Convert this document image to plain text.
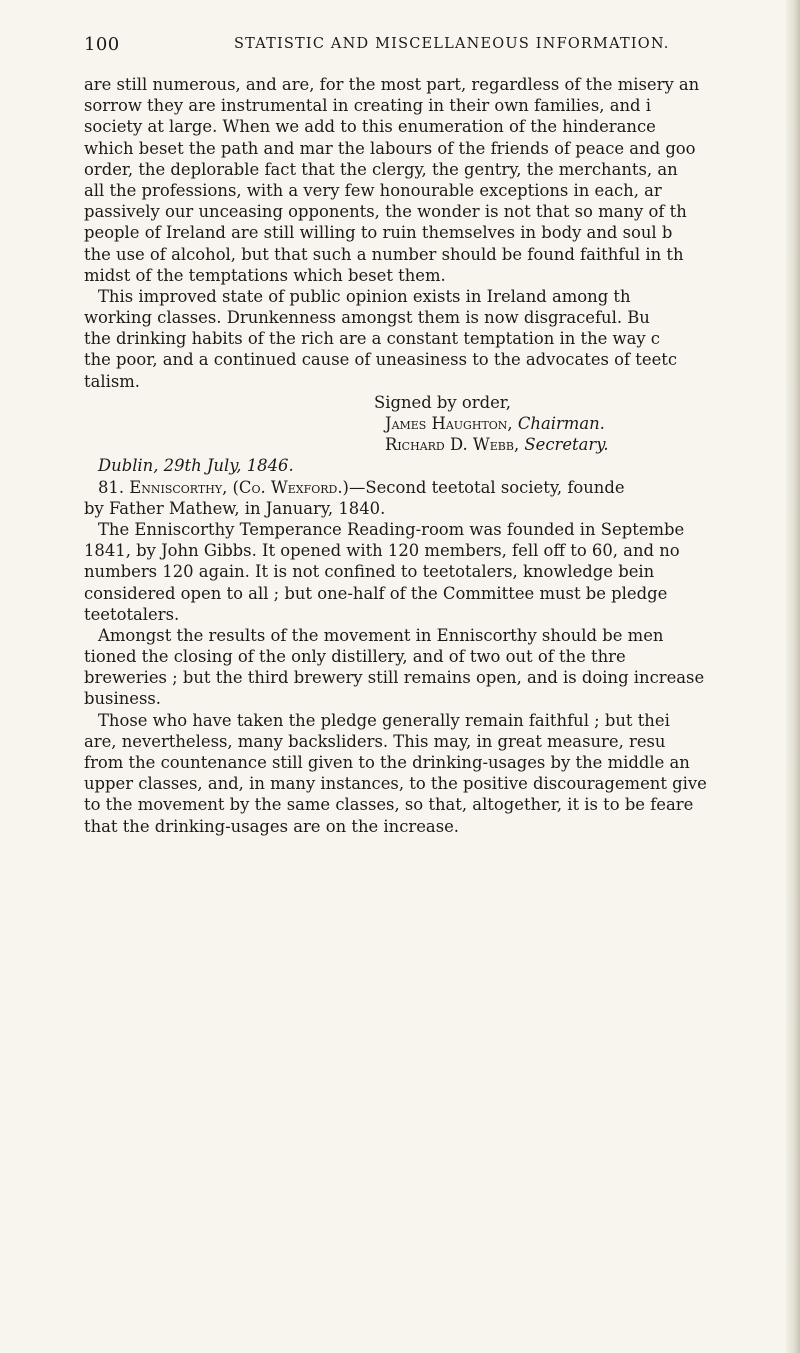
100	STATISTIC AND MISCELLANEOUS INFORMATION.
are still numerous, and are, for the most part, regardless of the misery an
sorrow they are instrumental in creating in their own families, and i
society at large. When we add to this enumeration of the hinderance
which beset the path and mar the labours of the friends of peace and goo
order, the deplorable fact that the clergy, the gentry, the merchants, an
all the professions, with a very few honourable exceptions in each, ar
passively our unceasing opponents, the wonder is not that so many of th
people of Ireland are still willing to ruin themselves in body and soul b
the use of alcohol, but that such a number should be found faithful in th
midst of the temptations which beset them.
This improved state of public opinion exists in Ireland among th
working classes. Drunkenness amongst them is now disgraceful. Bu
the drinking habits of the rich are a constant temptation in the way c
the poor, and a continued cause of uneasiness to the advocates of teetc
talism.
Signed by order,
James Haughton, Chairman.
Richard D. Webb, Secretary.
Dublin, 29th July, 1846.
81. Enniscorthy, (Co. Wexford.)—Second teetotal society, founde
by Father Mathew, in January, 1840.
The Enniscorthy Temperance Reading-room was founded in Septembe
1841, by John Gibbs. It opened with 120 members, fell off to 60, and no
numbers 120 again. It is not confined to teetotalers, knowledge bein
considered open to all ; but one-half of the Committee must be pledge
teetotalers.
Amongst the results of the movement in Enniscorthy should be men
tioned the closing of the only distillery, and of two out of the thre
breweries ; but the third brewery still remains open, and is doing increase
business.
Those who have taken the pledge generally remain faithful ; but thei
are, nevertheless, many backsliders. This may, in great measure, resu
from the countenance still given to the drinking-usages by the middle an
upper classes, and, in many instances, to the positive discouragement give
to the movement by the same classes, so that, altogether, it is to be feare
that the drinking-usages are on the increase.
